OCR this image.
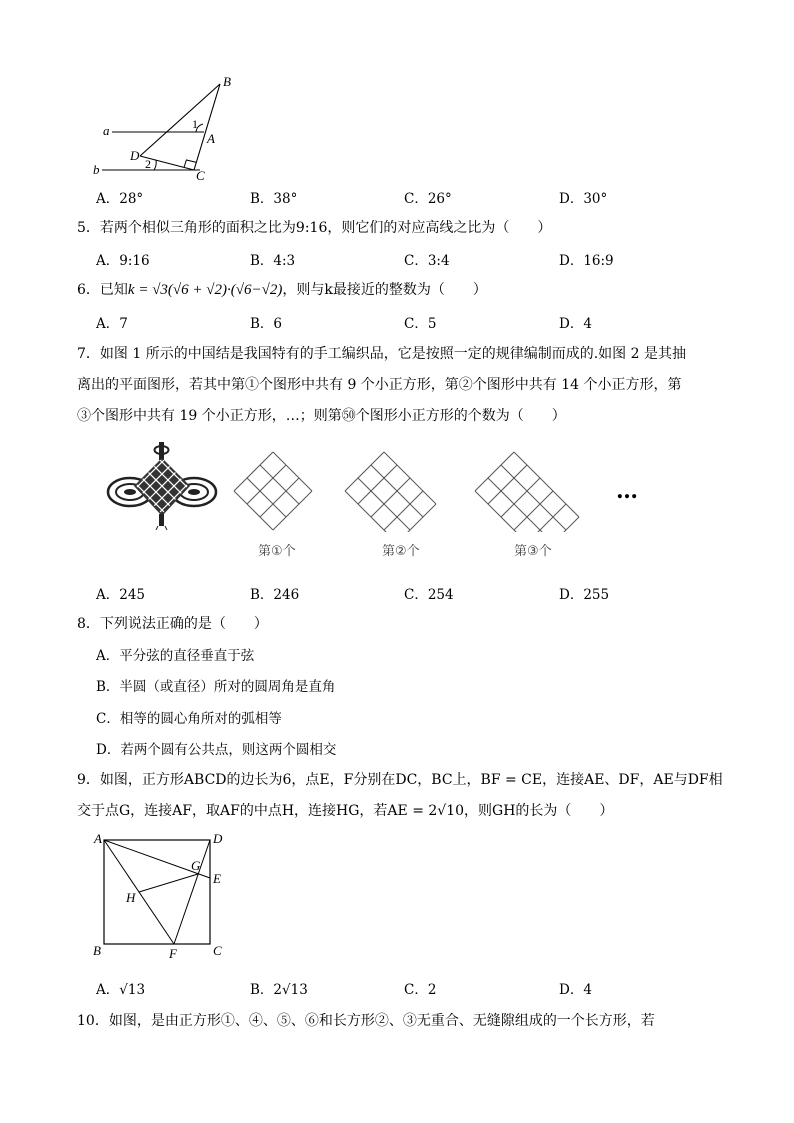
B
A
a
b
D
C
1
2
A．28°	B．38°	C．26°	D．30°
5．若两个相似三角形的面积之比为9:16，则它们的对应高线之比为（　　）
A．9:16	B．4:3	C．3:4	D．16:9
6．已知k = √3(√6 + √2)·(√6−√2)，则与k最接近的整数为（　　）
A．7	B．6	C．5	D．4
7．如图 1 所示的中国结是我国特有的手工编织品，它是按照一定的规律编制而成的.如图 2 是其抽
离出的平面图形，若其中第①个图形中共有 9 个小正方形，第②个图形中共有 14 个小正方形，第
③个图形中共有 19 个小正方形，…；则第㊿个图形小正方形的个数为（　　）
…
第①个	第②个	第③个
A．245	B．246	C．254	D．255
8．下列说法正确的是（　　）
A．平分弦的直径垂直于弦
B．半圆（或直径）所对的圆周角是直角
C．相等的圆心角所对的弧相等
D．若两个圆有公共点，则这两个圆相交
9．如图，正方形ABCD的边长为6，点E，F分别在DC，BC上，BF = CE，连接AE、DF，AE与DF相
交于点G，连接AF，取AF的中点H，连接HG，若AE = 2√10，则GH的长为（　　）
A	D
G
E
H
B	F	C
A．√13	B．2√13	C．2	D．4
10．如图，是由正方形①、④、⑤、⑥和长方形②、③无重合、无缝隙组成的一个长方形，若
